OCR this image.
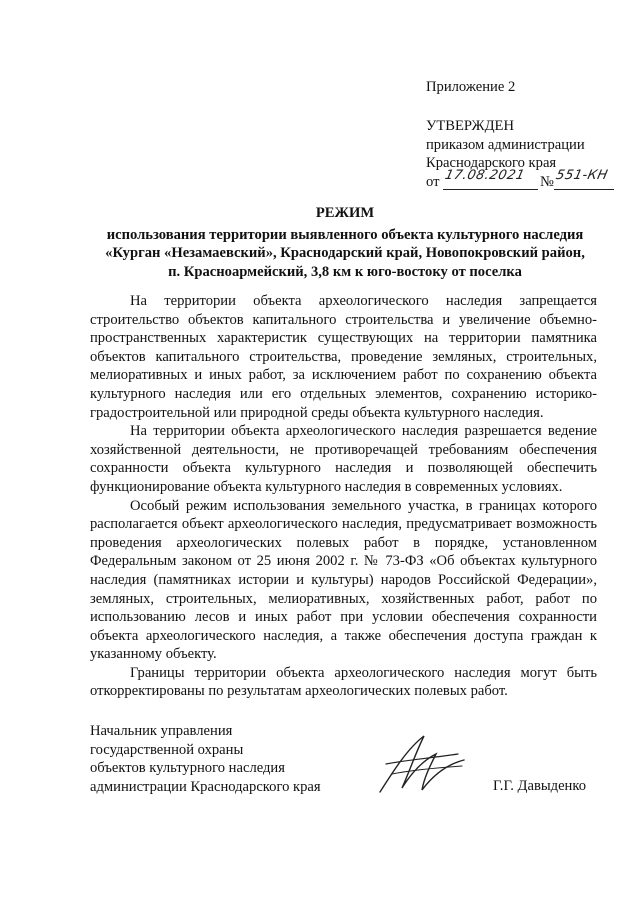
Приложение 2
УТВЕРЖДЕН
приказом администрации
Краснодарского края
от 17.08.2021 № 551-КН
РЕЖИМ
использования территории выявленного объекта культурного наследия
«Курган «Незамаевский», Краснодарский край, Новопокровский район,
п. Красноармейский, 3,8 км к юго-востоку от поселка

На территории объекта археологического наследия запрещается строительство объектов капитального строительства и увеличение объемно-пространственных характеристик существующих на территории памятника объектов капитального строительства, проведение земляных, строительных, мелиоративных и иных работ, за исключением работ по сохранению объекта культурного наследия или его отдельных элементов, сохранению историко-градостроительной или природной среды объекта культурного наследия.

На территории объекта археологического наследия разрешается ведение хозяйственной деятельности, не противоречащей требованиям обеспечения сохранности объекта культурного наследия и позволяющей обеспечить функционирование объекта культурного наследия в современных условиях.

Особый режим использования земельного участка, в границах которого располагается объект археологического наследия, предусматривает возможность проведения археологических полевых работ в порядке, установленном Федеральным законом от 25 июня 2002 г. № 73-ФЗ «Об объектах культурного наследия (памятниках истории и культуры) народов Российской Федерации», земляных, строительных, мелиоративных, хозяйственных работ, работ по использованию лесов и иных работ при условии обеспечения сохранности объекта археологического наследия, а также обеспечения доступа граждан к указанному объекту.

Границы территории объекта археологического наследия могут быть откорректированы по результатам археологических полевых работ.

Начальник управления
государственной охраны
объектов культурного наследия
администрации Краснодарского края	Г.Г. Давыденко
